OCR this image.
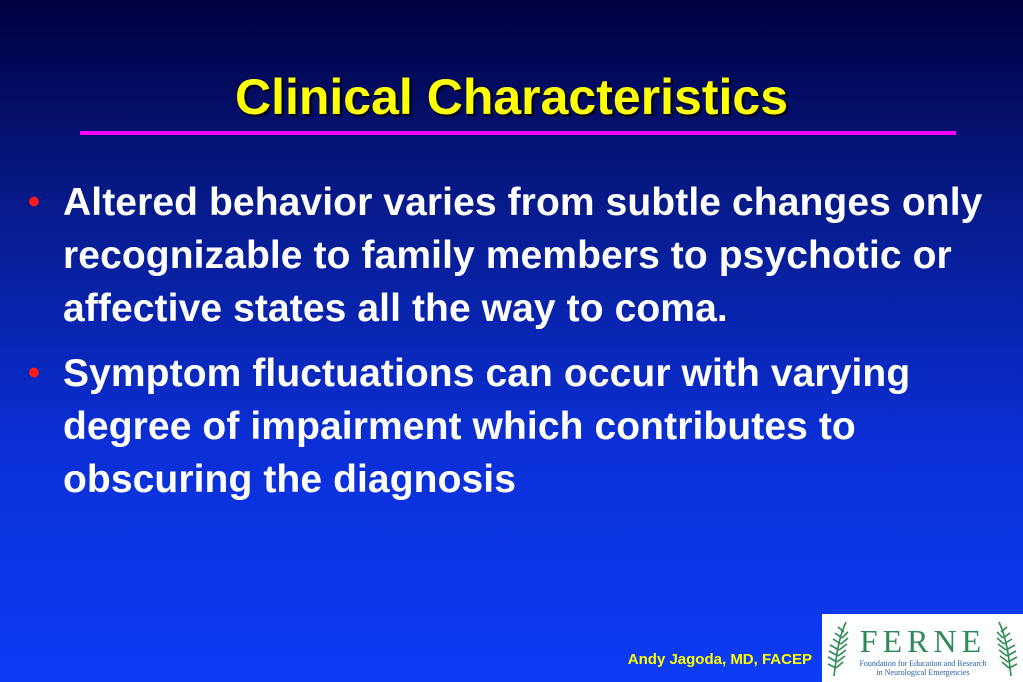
Clinical Characteristics
• Altered behavior varies from subtle changes only recognizable to family members to psychotic or affective states all the way to coma.
• Symptom fluctuations can occur with varying degree of impairment which contributes to obscuring the diagnosis
Andy Jagoda, MD, FACEP
FERNE
Foundation for Education and Research
in Neurological Emergencies
